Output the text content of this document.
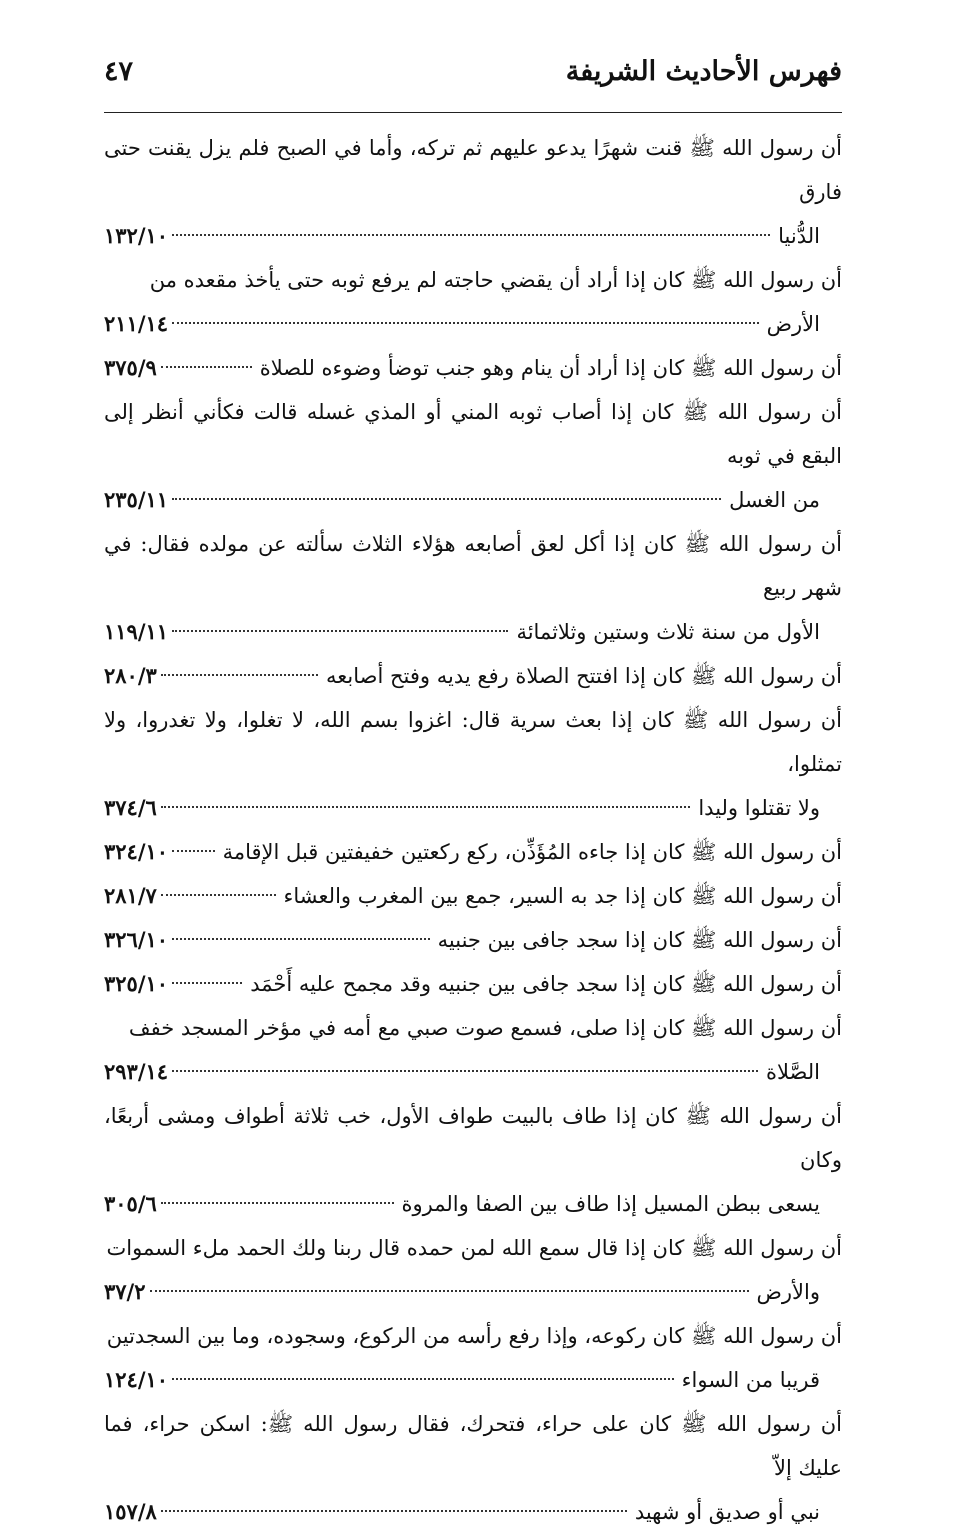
فهرس الأحاديث الشريفة
٤٧
أن رسول الله ﷺ قنت شهرًا يدعو عليهم ثم تركه، وأما في الصبح فلم يزل يقنت حتى فارق
الدُّنيا
١٣٢/١٠
أن رسول الله ﷺ كان إذا أراد أن يقضي حاجته لم يرفع ثوبه حتى يأخذ مقعده من
الأرض
٢١١/١٤
أن رسول الله ﷺ كان إذا أراد أن ينام وهو جنب توضأ وضوءه للصلاة
٣٧٥/٩
أن رسول الله ﷺ كان إذا أصاب ثوبه المني أو المذي غسله قالت فكأني أنظر إلى البقع في ثوبه
من الغسل
٢٣٥/١١
أن رسول الله ﷺ كان إذا أكل لعق أصابعه هؤلاء الثلاث سألته عن مولده فقال: في شهر ربيع
الأول من سنة ثلاث وستين وثلاثمائة
١١٩/١١
أن رسول الله ﷺ كان إذا افتتح الصلاة رفع يديه وفتح أصابعه
٢٨٠/٣
أن رسول الله ﷺ كان إذا بعث سرية قال: اغزوا بسم الله، لا تغلوا، ولا تغدروا، ولا تمثلوا،
ولا تقتلوا وليدا
٣٧٤/٦
أن رسول الله ﷺ كان إذا جاءه المُؤَذِّن، ركع ركعتين خفيفتين قبل الإقامة
٣٢٤/١٠
أن رسول الله ﷺ كان إذا جد به السير، جمع بين المغرب والعشاء
٢٨١/٧
أن رسول الله ﷺ كان إذا سجد جافى بين جنبيه
٣٢٦/١٠
أن رسول الله ﷺ كان إذا سجد جافى بين جنبيه وقد مجمح عليه أَحْمَد
٣٢٥/١٠
أن رسول الله ﷺ كان إذا صلى، فسمع صوت صبي مع أمه في مؤخر المسجد خفف
الصَّلاة
٢٩٣/١٤
أن رسول الله ﷺ كان إذا طاف بالبيت طواف الأول، خب ثلاثة أطواف ومشى أربعًا، وكان
يسعى ببطن المسيل إذا طاف بين الصفا والمروة
٣٠٥/٦
أن رسول الله ﷺ كان إذا قال سمع الله لمن حمده قال ربنا ولك الحمد ملء السموات
والأرض
٣٧/٢
أن رسول الله ﷺ كان ركوعه، وإذا رفع رأسه من الركوع، وسجوده، وما بين السجدتين
قريبا من السواء
١٢٤/١٠
أن رسول الله ﷺ كان على حراء، فتحرك، فقال رسول الله ﷺ: اسكن حراء، فما عليك إلاّ
نبي أو صديق أو شهيد
١٥٧/٨
